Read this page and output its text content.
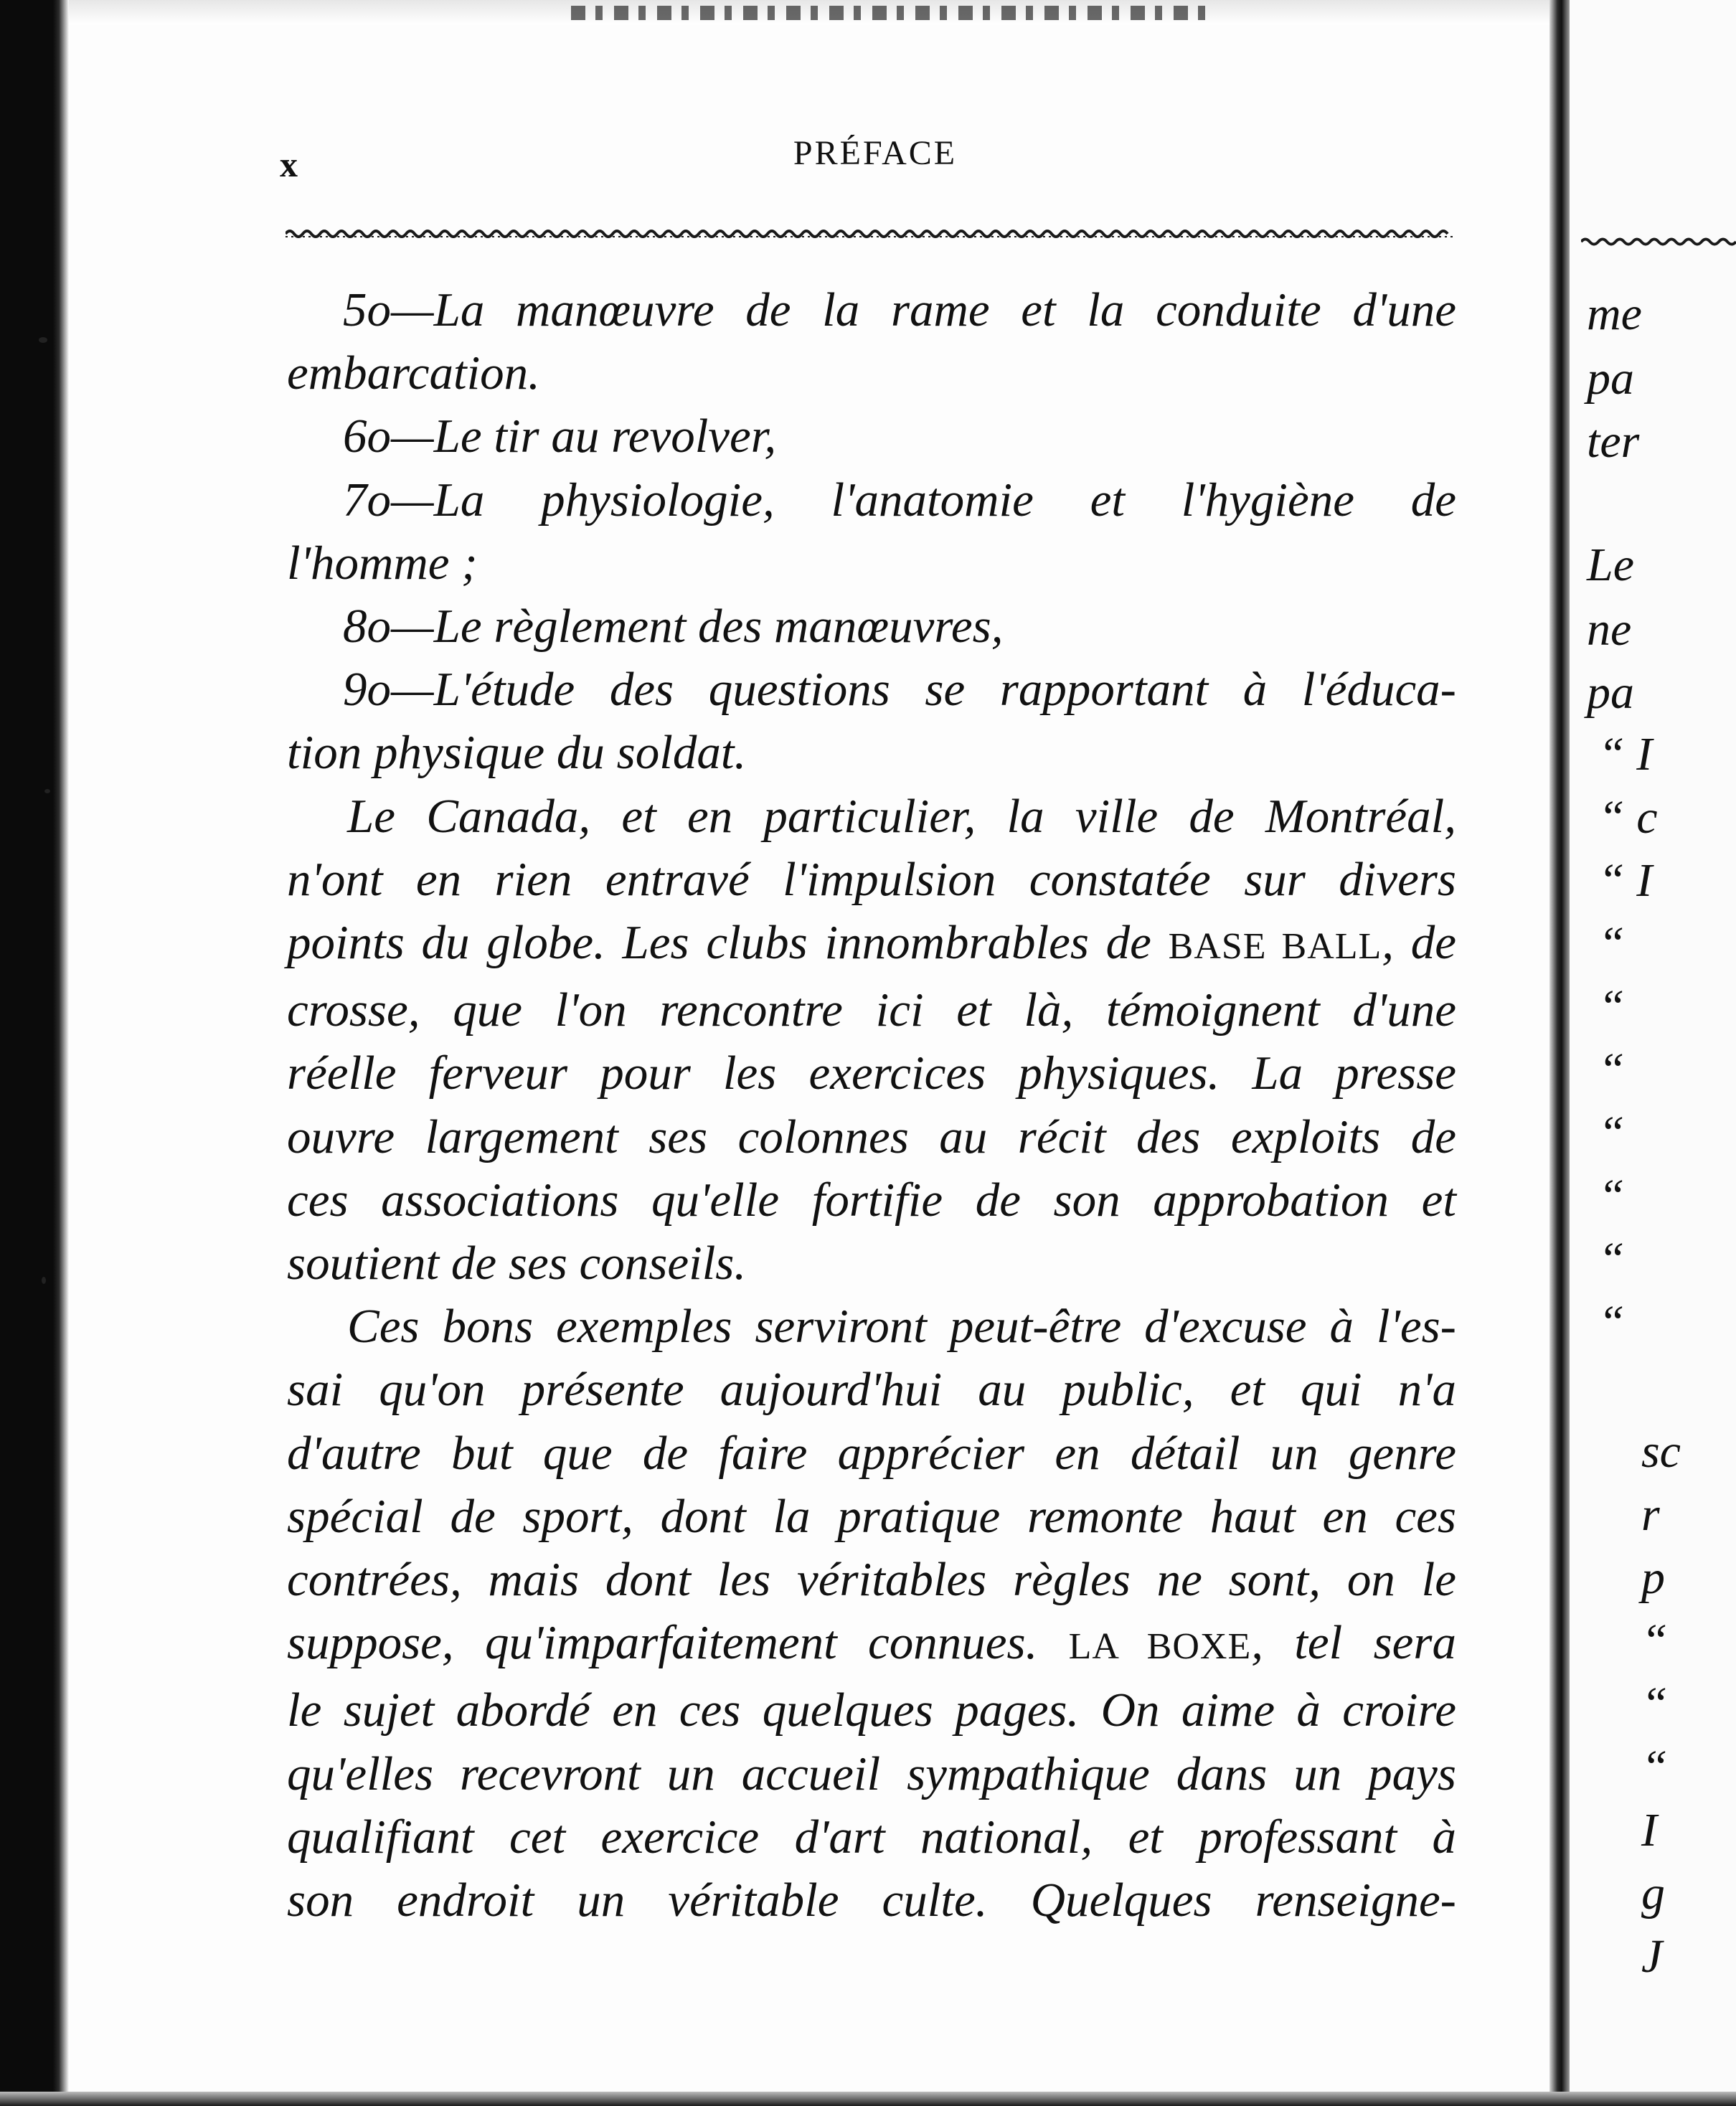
x	PRÉFACE

5o—La manœuvre de la rame et la conduite d'une

embarcation.

6o—Le tir au revolver,

7o—La physiologie, l'anatomie et l'hygiène de

l'homme ;

8o—Le règlement des manœuvres,

9o—L'étude des questions se rapportant à l'éduca-

tion physique du soldat.

Le Canada, et en particulier, la ville de Montréal,

n'ont en rien entravé l'impulsion constatée sur divers

points du globe. Les clubs innombrables de BASE BALL, de

crosse, que l'on rencontre ici et là, témoignent d'une

réelle ferveur pour les exercices physiques. La presse

ouvre largement ses colonnes au récit des exploits de

ces associations qu'elle fortifie de son approbation et

soutient de ses conseils.

Ces bons exemples serviront peut-être d'excuse à l'es-

sai qu'on présente aujourd'hui au public, et qui n'a

d'autre but que de faire apprécier en détail un genre

spécial de sport, dont la pratique remonte haut en ces

contrées, mais dont les véritables règles ne sont, on le

suppose, qu'imparfaitement connues. LA BOXE, tel sera

le sujet abordé en ces quelques pages. On aime à croire

qu'elles recevront un accueil sympathique dans un pays

qualifiant cet exercice d'art national, et professant à

son endroit un véritable culte. Quelques renseigne-

me
pa
ter
Le
ne
pa
“ I
“ c
“ I
“
“
“
“
“
“
“
sc
r
p
“
“
“
I
g
J
